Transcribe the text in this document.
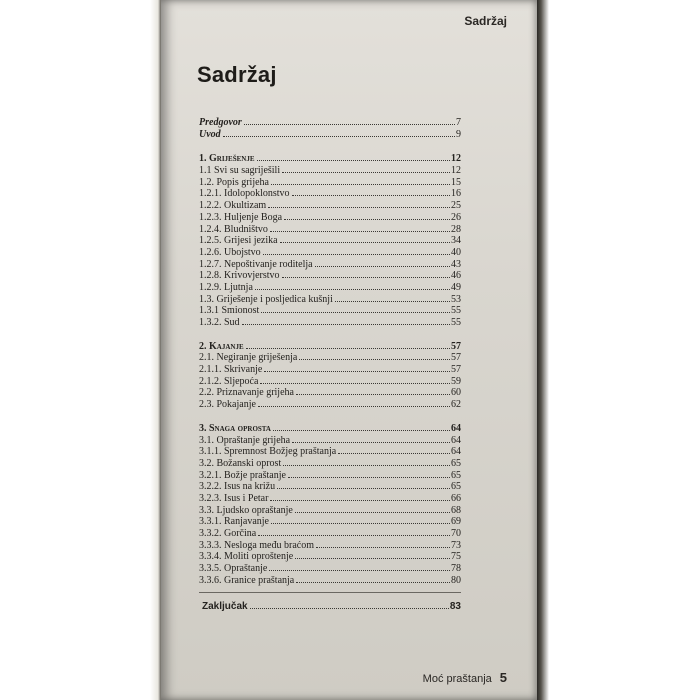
Sadržaj
Sadržaj
Predgovor	7
Uvod	9
1. Griješenje	12
1.1 Svi su sagriješili	12
1.2. Popis grijeha	15
1.2.1. Idolopoklonstvo	16
1.2.2. Okultizam	25
1.2.3. Huljenje Boga	26
1.2.4. Bludništvo	28
1.2.5. Grijesi jezika	34
1.2.6. Ubojstvo	40
1.2.7. Nepoštivanje roditelja	43
1.2.8. Krivovjerstvo	46
1.2.9. Ljutnja	49
1.3. Griješenje i posljedica kušnji	53
1.3.1 Smionost	55
1.3.2. Sud	55
2. Kajanje	57
2.1. Negiranje griješenja	57
2.1.1. Skrivanje	57
2.1.2. Sljepoća	59
2.2. Priznavanje grijeha	60
2.3. Pokajanje	62
3. Snaga oprosta	64
3.1. Opraštanje grijeha	64
3.1.1. Spremnost Božjeg praštanja	64
3.2. Božanski oprost	65
3.2.1. Božje praštanje	65
3.2.2. Isus na križu	65
3.2.3. Isus i Petar	66
3.3. Ljudsko opraštanje	68
3.3.1. Ranjavanje	69
3.3.2. Gorčina	70
3.3.3. Nesloga među braćom	73
3.3.4. Moliti oproštenje	75
3.3.5. Opraštanje	78
3.3.6. Granice praštanja	80
Zaključak	83
Moć praštanja 5
